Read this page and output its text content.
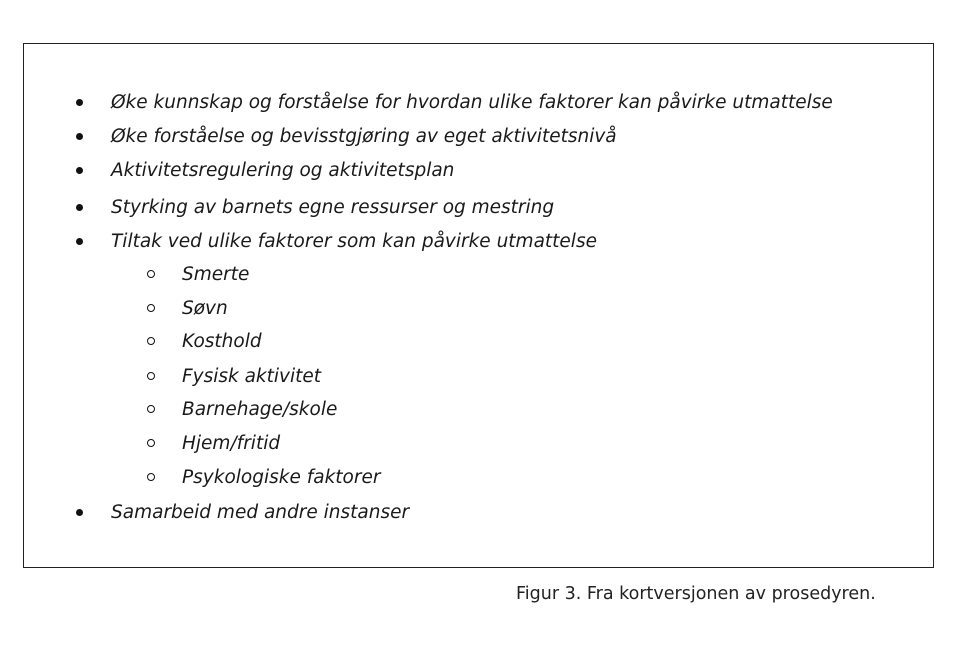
Øke kunnskap og forståelse for hvordan ulike faktorer kan påvirke utmattelse
Øke forståelse og bevisstgjøring av eget aktivitetsnivå
Aktivitetsregulering og aktivitetsplan
Styrking av barnets egne ressurser og mestring
Tiltak ved ulike faktorer som kan påvirke utmattelse
Smerte
Søvn
Kosthold
Fysisk aktivitet
Barnehage/skole
Hjem/fritid
Psykologiske faktorer
Samarbeid med andre instanser
Figur 3. Fra kortversjonen av prosedyren.
